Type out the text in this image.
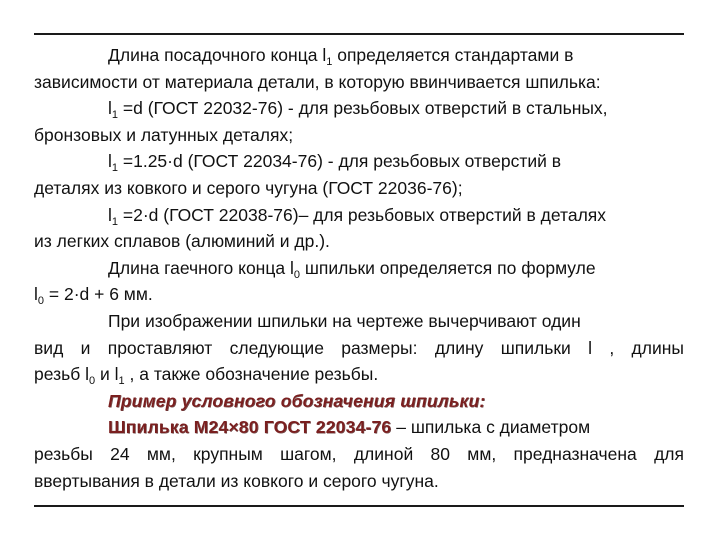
Длина посадочного конца $l_1$ определяется стандартами в
зависимости от материала детали, в которую ввинчивается шпилька:
$l_1 =d$ (ГОСТ 22032-76) - для резьбовых отверстий в стальных,
бронзовых и латунных деталях;
$l_1 =1.25\cdot d$ (ГОСТ 22034-76) - для резьбовых отверстий в
деталях из ковкого и серого чугуна (ГОСТ 22036-76);
$l_1 =2\cdot d$ (ГОСТ 22038-76)– для резьбовых отверстий в деталях
из легких сплавов (алюминий и др.).
Длина гаечного конца $l_0$ шпильки определяется по формуле
$l_0 = 2\cdot d + 6$ мм.
При изображении шпильки на чертеже вычерчивают один
вид и проставляют следующие размеры: длину шпильки l , длины
резьб $l_0$ и $l_1$ , а также обозначение резьбы.
Пример условного обозначения шпильки:
Шпилька М24×80 ГОСТ 22034-76 – шпилька с диаметром
резьбы 24 мм, крупным шагом, длиной 80 мм, предназначена для
ввертывания в детали из ковкого и серого чугуна.
